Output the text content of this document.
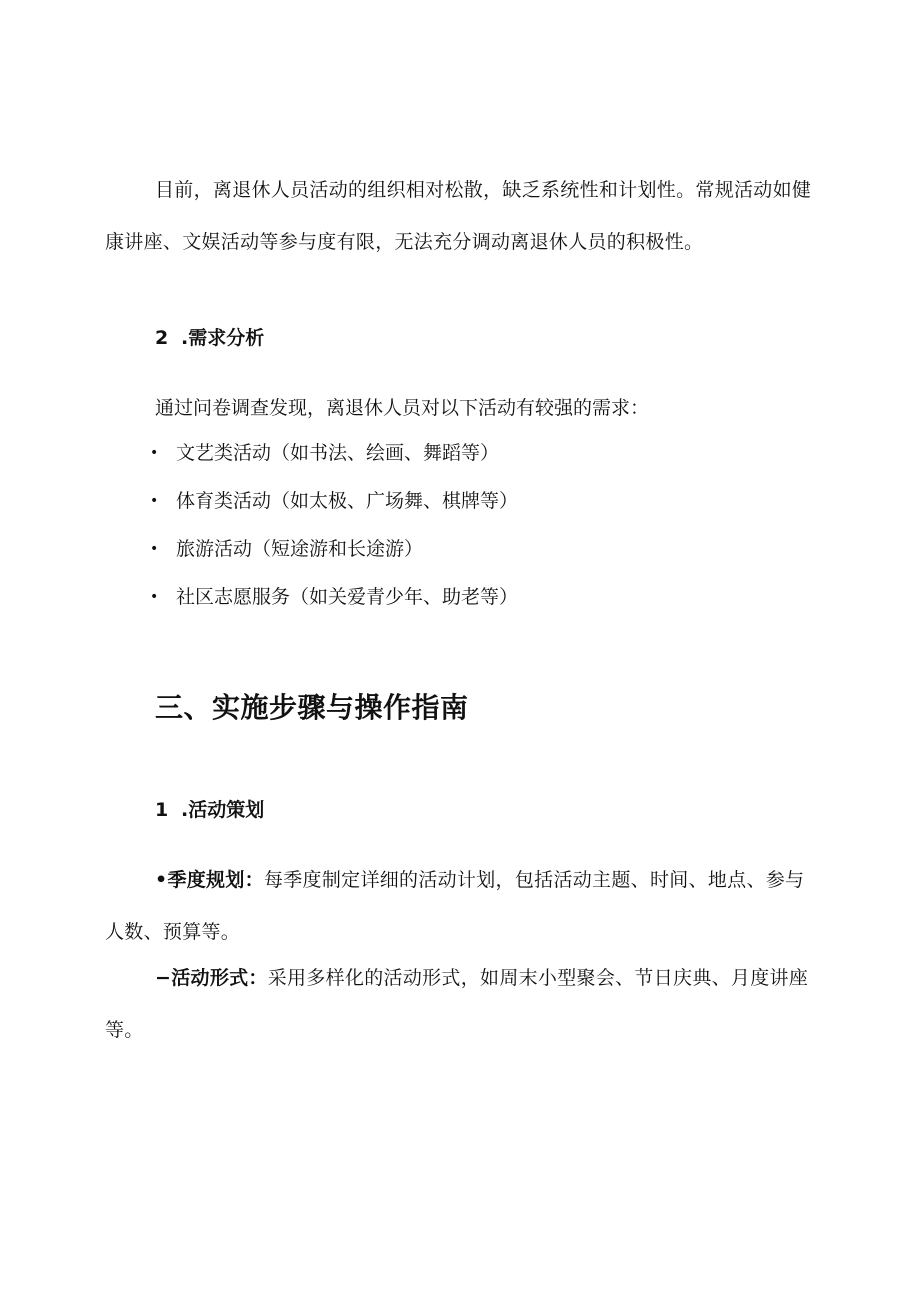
目前，离退休人员活动的组织相对松散，缺乏系统性和计划性。常规活动如健康讲座、文娱活动等参与度有限，无法充分调动离退休人员的积极性。

2 .需求分析

通过问卷调查发现，离退休人员对以下活动有较强的需求：

• 文艺类活动（如书法、绘画、舞蹈等）
• 体育类活动（如太极、广场舞、棋牌等）
• 旅游活动（短途游和长途游）
• 社区志愿服务（如关爱青少年、助老等）
三、实施步骤与操作指南
1 .活动策划

•季度规划：每季度制定详细的活动计划，包括活动主题、时间、地点、参与人数、预算等。

−活动形式：采用多样化的活动形式，如周末小型聚会、节日庆典、月度讲座等。
